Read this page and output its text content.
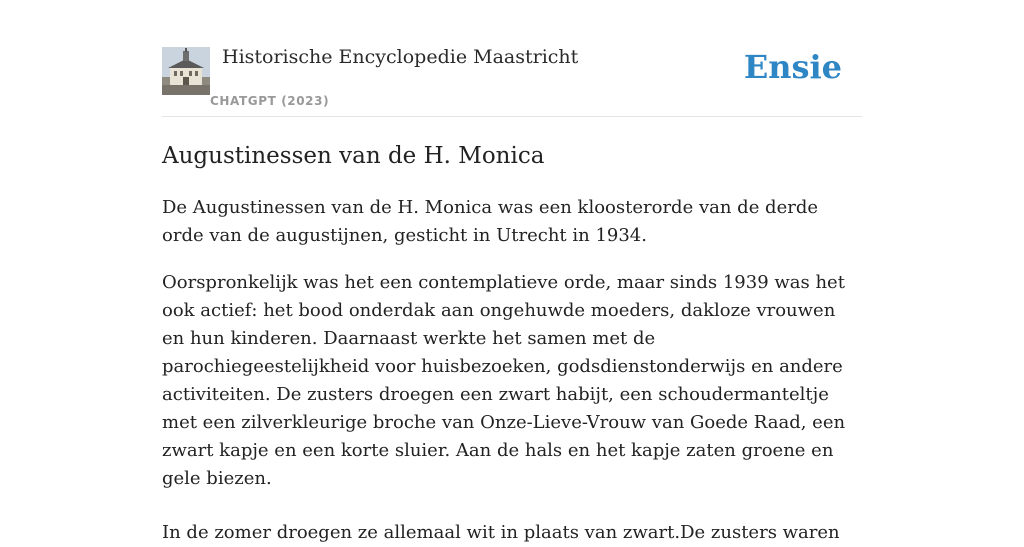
Historische Encyclopedie Maastricht
CHATGPT (2023)
Ensie
Augustinessen van de H. Monica

De Augustinessen van de H. Monica was een kloosterorde van de derde orde van de augustijnen, gesticht in Utrecht in 1934.

Oorspronkelijk was het een contemplatieve orde, maar sinds 1939 was het ook actief: het bood onderdak aan ongehuwde moeders, dakloze vrouwen en hun kinderen. Daarnaast werkte het samen met de parochiegeestelijkheid voor huisbezoeken, godsdienstonderwijs en andere activiteiten. De zusters droegen een zwart habijt, een schoudermanteltje met een zilverkleurige broche van Onze-Lieve-Vrouw van Goede Raad, een zwart kapje en een korte sluier. Aan de hals en het kapje zaten groene en gele biezen.

In de zomer droegen ze allemaal wit in plaats van zwart.De zusters waren
